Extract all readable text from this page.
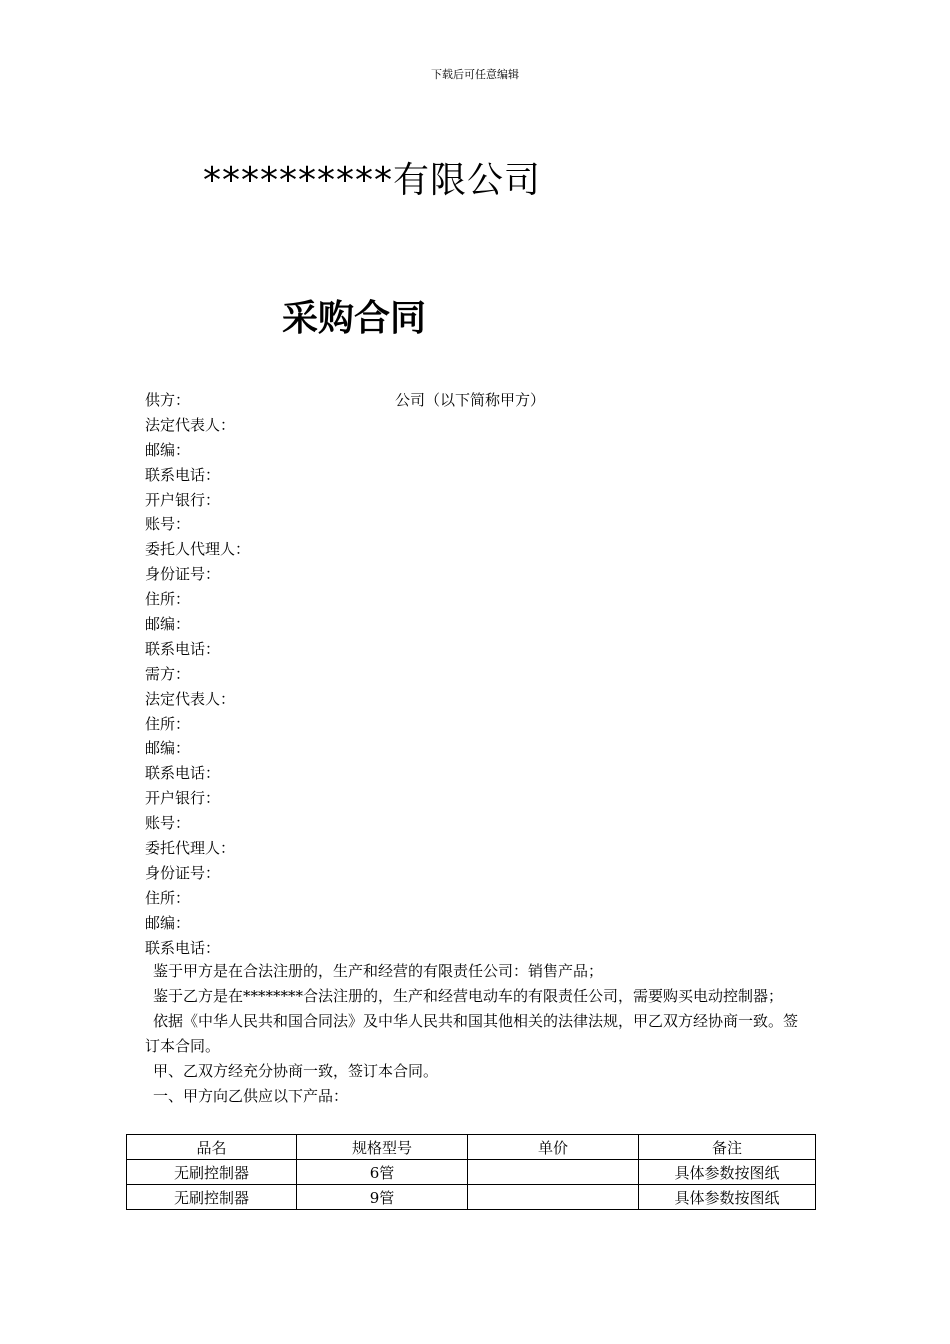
下载后可任意编辑
**********有限公司
采购合同
供方：	公司（以下简称甲方）
法定代表人：
邮编：
联系电话：
开户银行：
账号：
委托人代理人：
身份证号：
住所：
邮编：
联系电话：
需方：
法定代表人：
住所：
邮编：
联系电话：
开户银行：
账号：
委托代理人：
身份证号：
住所：
邮编：
联系电话：

鉴于甲方是在合法注册的，生产和经营的有限责任公司：销售产品；

鉴于乙方是在********合法注册的，生产和经营电动车的有限责任公司，需要购买电动控制器；

依据《中华人民共和国合同法》及中华人民共和国其他相关的法律法规，甲乙双方经协商一致。签订本合同。

甲、乙双方经充分协商一致，签订本合同。

一、甲方向乙供应以下产品：

品名	规格型号	单价	备注
无刷控制器	6管		具体参数按图纸
无刷控制器	9管		具体参数按图纸
